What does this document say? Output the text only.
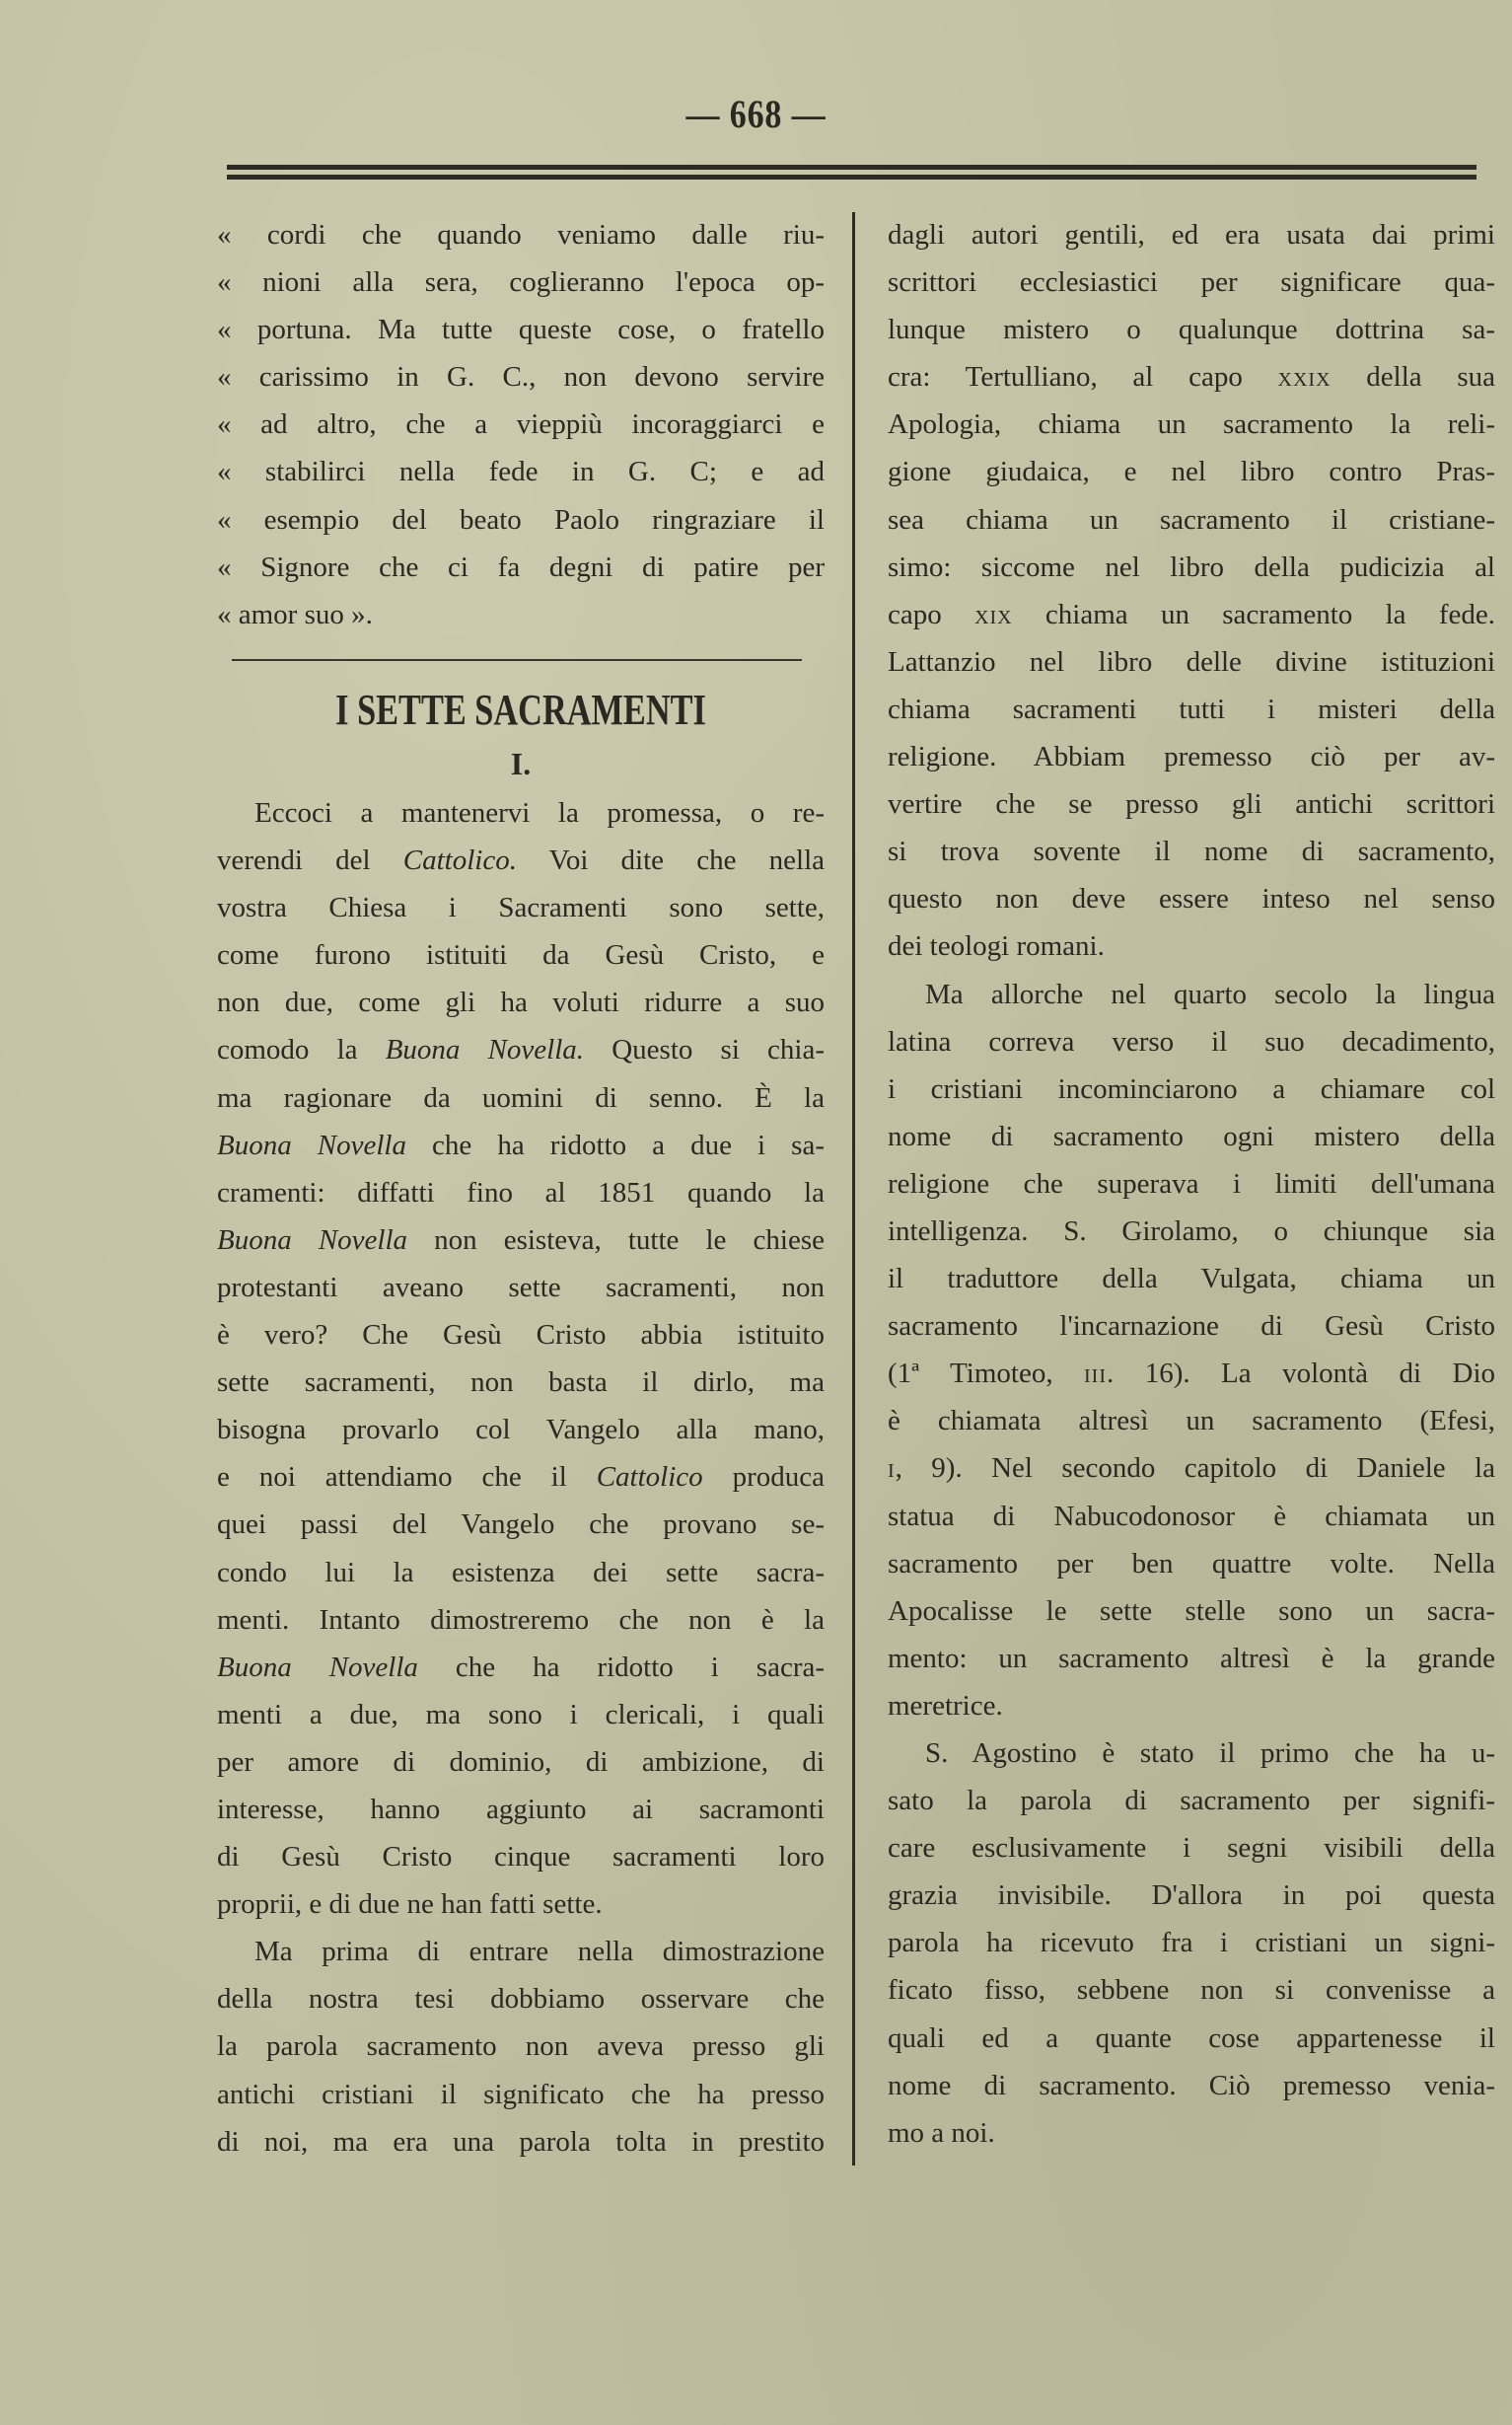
— 668 —
« cordi che quando veniamo dalle riu-
« nioni alla sera, coglieranno l'epoca op-
« portuna. Ma tutte queste cose, o fratello
« carissimo in G. C., non devono servire
« ad altro, che a vieppiù incoraggiarci e
« stabilirci nella fede in G. C; e ad
« esempio del beato Paolo ringraziare il
« Signore che ci fa degni di patire per
« amor suo ».
I SETTE SACRAMENTI
I.
Eccoci a mantenervi la promessa, o re-
verendi del Cattolico. Voi dite che nella
vostra Chiesa i Sacramenti sono sette,
come furono istituiti da Gesù Cristo, e
non due, come gli ha voluti ridurre a suo
comodo la Buona Novella. Questo si chia-
ma ragionare da uomini di senno. È la
Buona Novella che ha ridotto a due i sa-
cramenti: diffatti fino al 1851 quando la
Buona Novella non esisteva, tutte le chiese
protestanti aveano sette sacramenti, non
è vero? Che Gesù Cristo abbia istituito
sette sacramenti, non basta il dirlo, ma
bisogna provarlo col Vangelo alla mano,
e noi attendiamo che il Cattolico produca
quei passi del Vangelo che provano se-
condo lui la esistenza dei sette sacra-
menti. Intanto dimostreremo che non è la
Buona Novella che ha ridotto i sacra-
menti a due, ma sono i clericali, i quali
per amore di dominio, di ambizione, di
interesse, hanno aggiunto ai sacramonti
di Gesù Cristo cinque sacramenti loro
proprii, e di due ne han fatti sette.
Ma prima di entrare nella dimostrazione
della nostra tesi dobbiamo osservare che
la parola sacramento non aveva presso gli
antichi cristiani il significato che ha presso
di noi, ma era una parola tolta in prestito
dagli autori gentili, ed era usata dai primi
scrittori ecclesiastici per significare qua-
lunque mistero o qualunque dottrina sa-
cra: Tertulliano, al capo xxix della sua
Apologia, chiama un sacramento la reli-
gione giudaica, e nel libro contro Pras-
sea chiama un sacramento il cristiane-
simo: siccome nel libro della pudicizia al
capo xix chiama un sacramento la fede.
Lattanzio nel libro delle divine istituzioni
chiama sacramenti tutti i misteri della
religione. Abbiam premesso ciò per av-
vertire che se presso gli antichi scrittori
si trova sovente il nome di sacramento,
questo non deve essere inteso nel senso
dei teologi romani.
Ma allorche nel quarto secolo la lingua
latina correva verso il suo decadimento,
i cristiani incominciarono a chiamare col
nome di sacramento ogni mistero della
religione che superava i limiti dell'umana
intelligenza. S. Girolamo, o chiunque sia
il traduttore della Vulgata, chiama un
sacramento l'incarnazione di Gesù Cristo
(1ª Timoteo, iii. 16). La volontà di Dio
è chiamata altresì un sacramento (Efesi,
i, 9). Nel secondo capitolo di Daniele la
statua di Nabucodonosor è chiamata un
sacramento per ben quattre volte. Nella
Apocalisse le sette stelle sono un sacra-
mento: un sacramento altresì è la grande
meretrice.
S. Agostino è stato il primo che ha u-
sato la parola di sacramento per signifi-
care esclusivamente i segni visibili della
grazia invisibile. D'allora in poi questa
parola ha ricevuto fra i cristiani un signi-
ficato fisso, sebbene non si convenisse a
quali ed a quante cose appartenesse il
nome di sacramento. Ciò premesso venia-
mo a noi.
